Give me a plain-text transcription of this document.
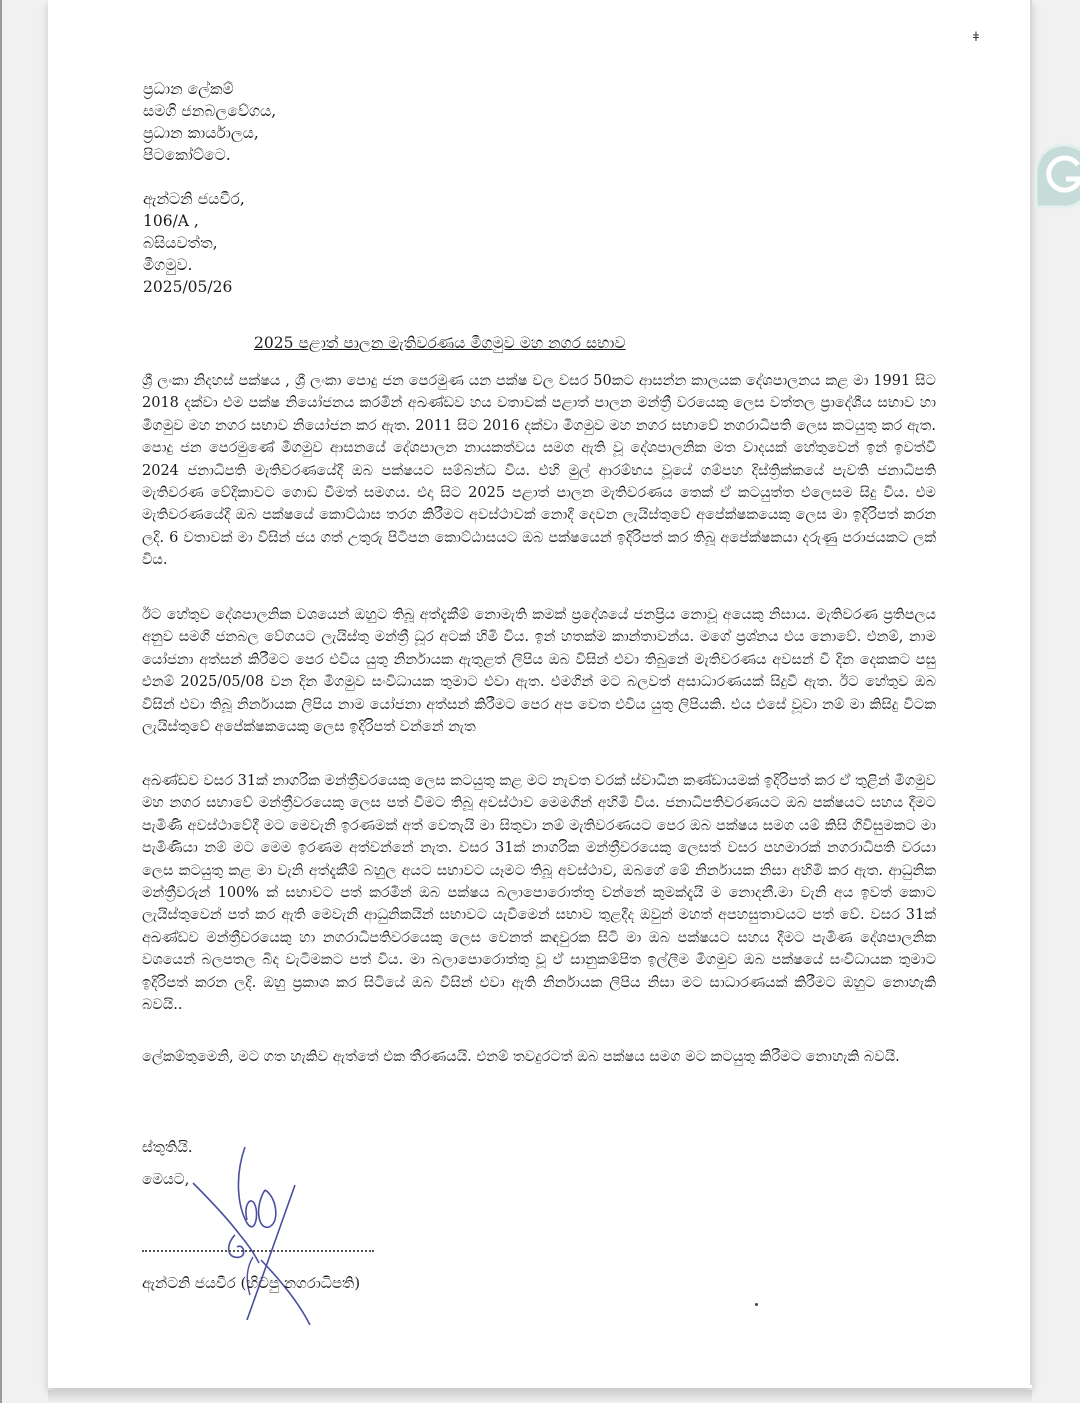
ǂ
ප්‍රධාන ලේකම්
සමගි ජනබලවේගය,
ප්‍රධාන කාර්යාලය,
පිටකෝට්ටෙ.
ඇන්ටනි ජයවීර,
106/A ,
බසියවත්ත,
මීගමුව.
2025/05/26
2025 පළාත් පාලන මැතිවරණය මීගමුව මහ නගර සභාව

ශ්‍රී ලංකා නිදහස් පක්ෂය , ශ්‍රී ලංකා පොදු ජන පෙරමුණ යන පක්ෂ වල වසර 50කට ආසන්න කාලයක දේශපාලනය කළ මා 1991 සිට 2018 දක්වා එම පක්ෂ නියෝජනය කරමින් අඛණ්ඩව හය වතාවක් පළාත් පාලන මන්ත්‍රී වරයෙකු ලෙස වත්තල ප්‍රාදේශීය සභාව හා මීගමුව මහ නගර සභාව නියෝජන කර ඇත. 2011 සිට 2016 දක්වා මීගමුව මහ නගර සභාවේ නගරාධිපති ලෙස කටයුතු කර ඇත. පොදු ජන පෙරමුණේ මීගමුව ආසනයේ දේශපාලන නායකත්වය සමග ඇති වූ දේශපාලනික මත වාදයක් හේතුවෙන් ඉන් ඉවත්වී 2024 ජනාධිපති මැතිවරණයේදී ඔබ පක්ෂයට සම්බන්ධ විය. එහි මුල් ආරම්භය වූයේ ගම්පහ දිස්ත්‍රික්කයේ පැවති ජනාධිපති මැතිවරණ වේදිකාවට ගොඩ වීමත් සමගය. එදා සිට 2025 පළාත් පාලන මැතිවරණය තෙක් ඒ කටයුත්ත එලෙසම සිදු විය. එම මැතිවරණයේදී ඔබ පක්ෂයේ කොට්ඨාස තරග කිරීමට අවස්ථාවක් නොදී දෙවන ලැයිස්තුවේ අපේක්ෂකයෙකු ලෙස මා ඉදිරිපත් කරන ලදි. 6 වතාවක් මා විසින් ජය ගත් උතුරු පිටිපන කොට්ඨාසයට ඔබ පක්ෂයෙන් ඉදිරිපත් කර තිබූ අපේක්ෂකයා දරුණු පරාජයකට ලක් විය.

ඊට හේතුව දේශපාලනික වශයෙන් ඔහුට තිබූ අත්දැකීම් නොමැති කමක් ප්‍රදේශයේ ජනප්‍රිය නොවූ අයෙකු නිසාය. මැතිවරණ ප්‍රතිපලය අනුව සමගි ජනබල වේගයට ලැයිස්තු මන්ත්‍රී ධූර අටක් හිමි විය. ඉන් හතක්ම කාන්තාවන්ය. මගේ ප්‍රශ්නය එය නොවේ. එනම්, නාම යෝජනා අත්සන් කිරීමට පෙර එවිය යුතු නිර්නායක ඇතුළත් ලිපිය ඔබ විසින් එවා තිබුනේ මැතිවරණය අවසන් වී දින දෙකකට පසු එනම් 2025/05/08 වන දින මීගමුව සංවිධායක තුමාට එවා ඇත. එමගින් මට බලවත් අසාධාරණයක් සිදුවී ඇත. ඊට හේතුව ඔබ විසින් එවා තිබූ නිර්නායක ලිපිය නාම යෝජනා අත්සන් කිරීමට පෙර අප වෙත එවිය යුතු ලිපියකි. එය එසේ වූවා නම් මා කිසිදු විටක ලැයිස්තුවේ අපේක්ෂකයෙකු ලෙස ඉදිරිපත් වන්නේ නැත

අඛණ්ඩව වසර 31ක් නාගරික මන්ත්‍රීවරයෙකු ලෙස කටයුතු කළ මට නැවත වරක් ස්වාධීන කණ්ඩායමක් ඉදිරිපත් කර ඒ තුළින් මීගමුව මහ නගර සභාවේ මන්ත්‍රීවරයෙකු ලෙස පත් වීමට තිබූ අවස්ථාව මෙමගින් අහිමි විය. ජනාධිපතිවරණයට ඔබ පක්ෂයට සහය දීමට පැමිණි අවස්ථාවේදී මට මෙවැනි ඉරණමක් අත් වෙතැයි මා සිතුවා නම් මැතිවරණයට පෙර ඔබ පක්ෂය සමග යම් කිසි ගිවිසුමකට මා පැමිණියා නම් මට මෙම ඉරණම අත්වන්නේ නැත. වසර 31ක් නාගරික මන්ත්‍රීවරයෙකු ලෙසත් වසර පහමාරක් නගරාධිපති වරයා ලෙස කටයුතු කළ මා වැනි අත්දැකීම් බහුල අයට සභාවට යෑමට තිබූ අවස්ථාව, ඔබගේ මේ නිර්නායක නිසා අහිමි කර ඇත. ආධුනික මන්ත්‍රීවරුන් 100% ක් සභාවට පත් කරමින් ඔබ පක්ෂය බලාපොරොත්තු වන්නේ කුමක්දැයි ම නොදනී.මා වැනි අය ඉවත් කොට ලැයිස්තුවෙන් පත් කර ඇති මෙවැනි ආධුනිකයින් සභාවට යැවීමෙන් සභාව තුළදීද ඔවුන් මහත් අපහසුතාවයට පත් වේ. වසර 31ක් අඛණ්ඩව මන්ත්‍රීවරයෙකු හා නගරාධිපතිවරයෙකු ලෙස වෙනත් කඳවුරක සිටි මා ඔබ පක්ෂයට සහය දීමට පැමිණ දේශපාලනික වශයෙන් බලපතල බිද වැටීමකට පත් විය. මා බලාපොරොත්තු වූ ඒ සානුකම්පිත ඉල්ලීම මීගමුව ඔබ පක්ෂයේ සංවිධායක තුමාට ඉදිරිපත් කරන ලදි. ඔහු ප්‍රකාශ කර සිටියේ ඔබ විසින් එවා ඇති නිර්නායක ලිපිය නිසා මට සාධාරණයක් කිරීමට ඔහුට නොහැකි බවයි..

ලේකම්තුමෙනි, මට ගත හැකිව ඇත්තේ එක තීරණයයි. එනම් තවදුරටත් ඔබ පක්ෂය සමග මට කටයුතු කිරීමට නොහැකි බවයි.

ස්තුතියි.
මෙයට,
ඇන්ටනි ජයවීර (හිටපු නගරාධිපති)
